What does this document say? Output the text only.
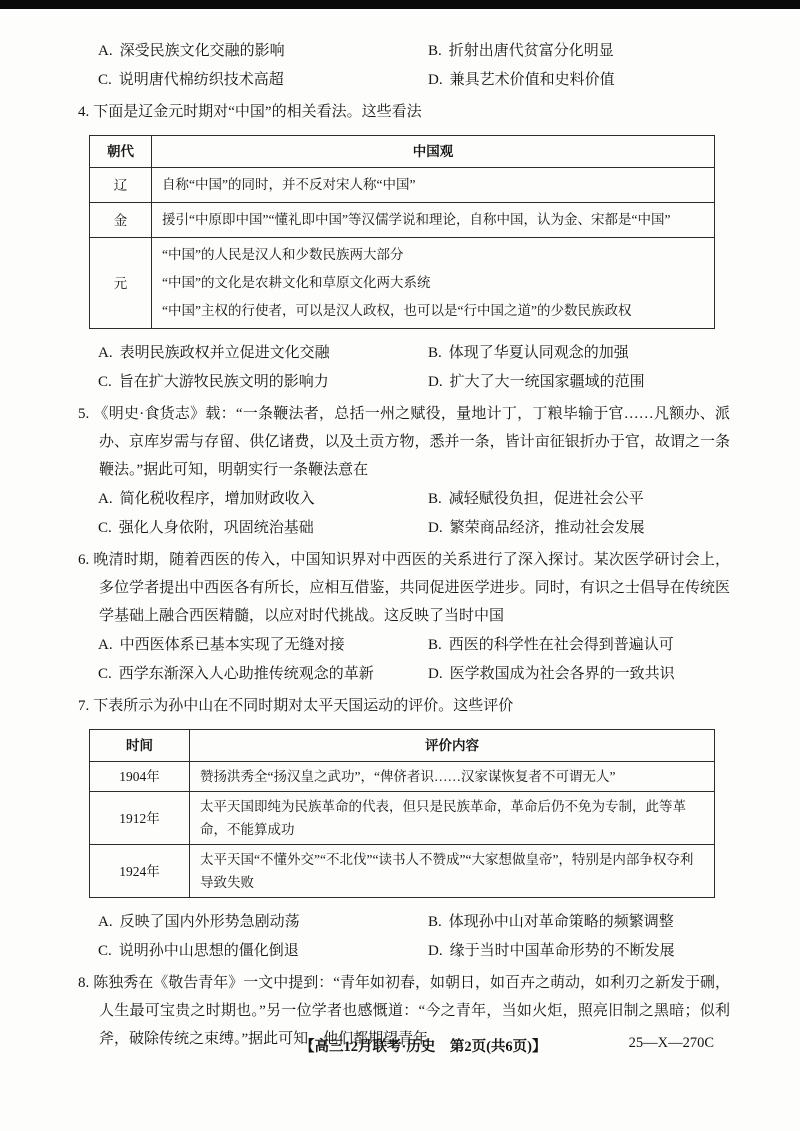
A. 深受民族文化交融的影响	B. 折射出唐代贫富分化明显
C. 说明唐代棉纺织技术高超	D. 兼具艺术价值和史料价值
4. 下面是辽金元时期对“中国”的相关看法。这些看法
朝代	中国观
辽	自称“中国”的同时，并不反对宋人称“中国”

金	援引“中原即中国”“懂礼即中国”等汉儒学说和理论，自称中国，认为金、宋都是“中国”

元	“中国”的人民是汉人和少数民族两大部分
“中国”的文化是农耕文化和草原文化两大系统
“中国”主权的行使者，可以是汉人政权，也可以是“行中国之道”的少数民族政权
A. 表明民族政权并立促进文化交融	B. 体现了华夏认同观念的加强
C. 旨在扩大游牧民族文明的影响力	D. 扩大了大一统国家疆域的范围
5. 《明史·食货志》载：“一条鞭法者，总括一州之赋役，量地计丁，丁粮毕输于官……凡额办、派办、京库岁需与存留、供亿诸费，以及土贡方物，悉并一条，皆计亩征银折办于官，故谓之一条鞭法。”据此可知，明朝实行一条鞭法意在
A. 简化税收程序，增加财政收入	B. 减轻赋役负担，促进社会公平
C. 强化人身依附，巩固统治基础	D. 繁荣商品经济，推动社会发展
6. 晚清时期，随着西医的传入，中国知识界对中西医的关系进行了深入探讨。某次医学研讨会上，多位学者提出中西医各有所长，应相互借鉴，共同促进医学进步。同时，有识之士倡导在传统医学基础上融合西医精髓，以应对时代挑战。这反映了当时中国
A. 中西医体系已基本实现了无缝对接	B. 西医的科学性在社会得到普遍认可
C. 西学东渐深入人心助推传统观念的革新	D. 医学救国成为社会各界的一致共识
7. 下表所示为孙中山在不同时期对太平天国运动的评价。这些评价
时间	评价内容
1904年	赞扬洪秀全“扬汉皇之武功”，“俾侪者识……汉家谋恢复者不可谓无人”
1912年	太平天国即纯为民族革命的代表，但只是民族革命，革命后仍不免为专制，此等革命，不能算成功
1924年	太平天国“不懂外交”“不北伐”“读书人不赞成”“大家想做皇帝”，特别是内部争权夺利导致失败
A. 反映了国内外形势急剧动荡	B. 体现孙中山对革命策略的频繁调整
C. 说明孙中山思想的僵化倒退	D. 缘于当时中国革命形势的不断发展
8. 陈独秀在《敬告青年》一文中提到：“青年如初春，如朝日，如百卉之萌动，如利刃之新发于硎，人生最可宝贵之时期也。”另一位学者也感慨道：“今之青年，当如火炬，照亮旧制之黑暗；似利斧，破除传统之束缚。”据此可知，他们都期望青年
【高三12月联考·历史　第2页(共6页)】	25—X—270C
